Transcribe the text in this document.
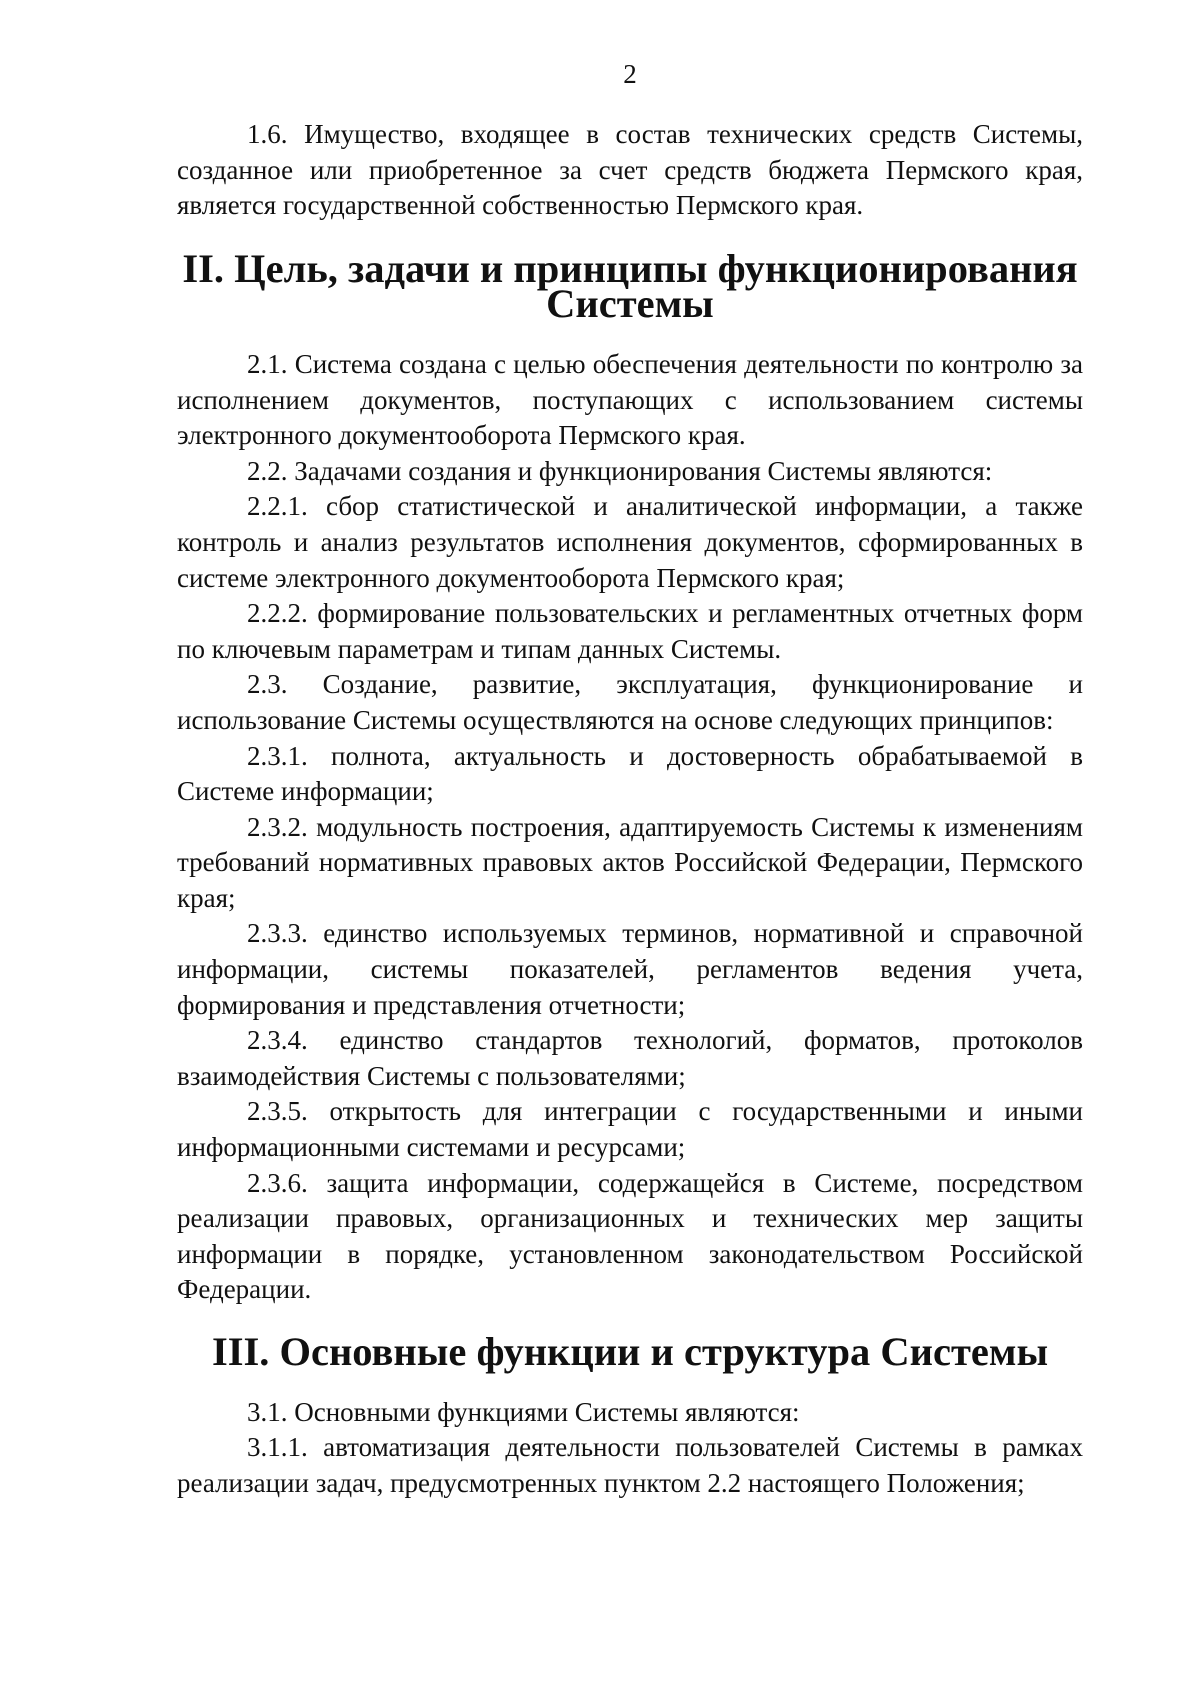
2

1.6. Имущество, входящее в состав технических средств Системы, созданное или приобретенное за счет средств бюджета Пермского края, является государственной собственностью Пермского края.

II. Цель, задачи и принципы функционирования Системы

2.1. Система создана с целью обеспечения деятельности по контролю за исполнением документов, поступающих с использованием системы электронного документооборота Пермского края.

2.2. Задачами создания и функционирования Системы являются:

2.2.1. сбор статистической и аналитической информации, а также контроль и анализ результатов исполнения документов, сформированных в системе электронного документооборота Пермского края;

2.2.2. формирование пользовательских и регламентных отчетных форм по ключевым параметрам и типам данных Системы.

2.3. Создание, развитие, эксплуатация, функционирование и использование Системы осуществляются на основе следующих принципов:

2.3.1. полнота, актуальность и достоверность обрабатываемой в Системе информации;

2.3.2. модульность построения, адаптируемость Системы к изменениям требований нормативных правовых актов Российской Федерации, Пермского края;

2.3.3. единство используемых терминов, нормативной и справочной информации, системы показателей, регламентов ведения учета, формирования и представления отчетности;

2.3.4. единство стандартов технологий, форматов, протоколов взаимодействия Системы с пользователями;

2.3.5. открытость для интеграции с государственными и иными информационными системами и ресурсами;

2.3.6. защита информации, содержащейся в Системе, посредством реализации правовых, организационных и технических мер защиты информации в порядке, установленном законодательством Российской Федерации.

III. Основные функции и структура Системы

3.1. Основными функциями Системы являются:

3.1.1. автоматизация деятельности пользователей Системы в рамках реализации задач, предусмотренных пунктом 2.2 настоящего Положения;
